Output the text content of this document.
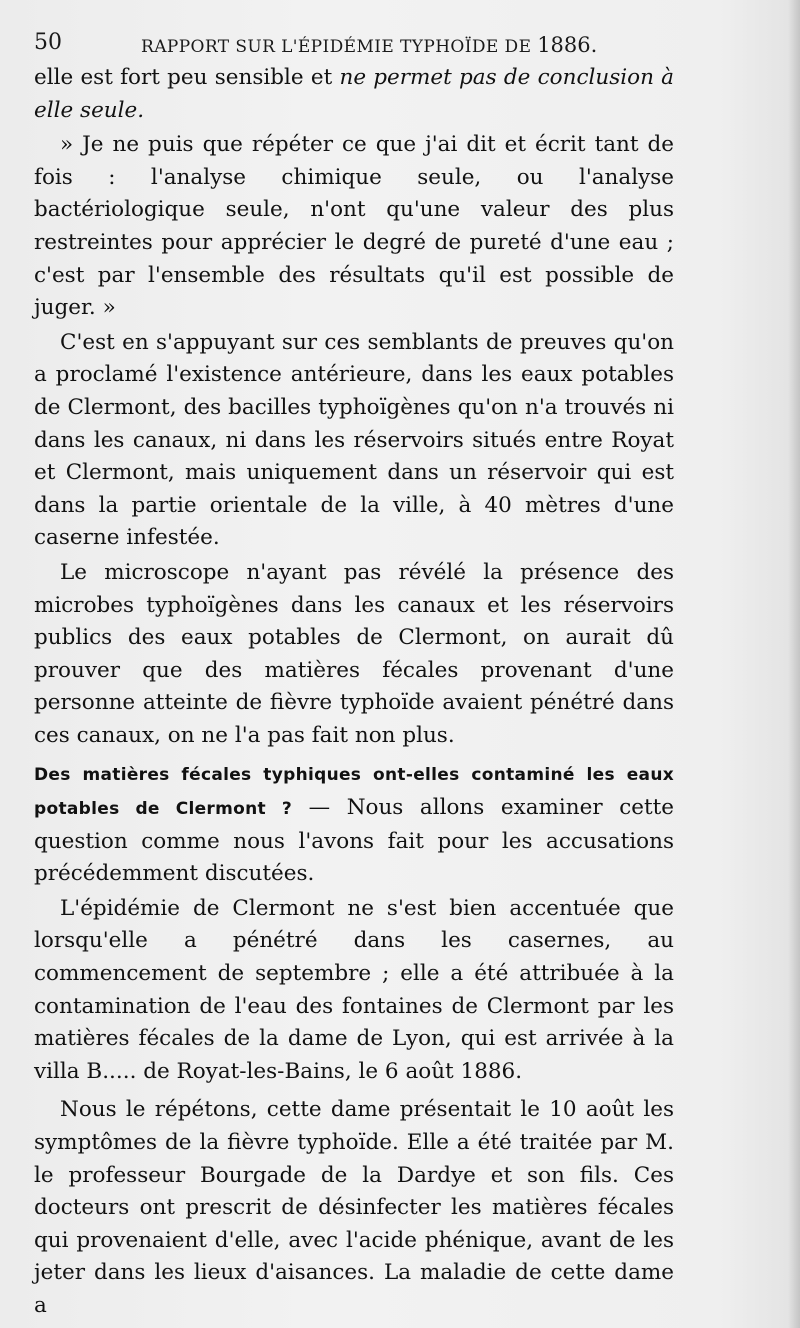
50	RAPPORT SUR L'ÉPIDÉMIE TYPHOÏDE DE 1886.

elle est fort peu sensible et ne permet pas de conclusion à elle seule.

» Je ne puis que répéter ce que j'ai dit et écrit tant de fois : l'analyse chimique seule, ou l'analyse bactériologique seule, n'ont qu'une valeur des plus restreintes pour apprécier le degré de pureté d'une eau ; c'est par l'ensemble des résultats qu'il est possible de juger. »

C'est en s'appuyant sur ces semblants de preuves qu'on a proclamé l'existence antérieure, dans les eaux potables de Clermont, des bacilles typhoïgènes qu'on n'a trouvés ni dans les canaux, ni dans les réservoirs situés entre Royat et Clermont, mais uniquement dans un réservoir qui est dans la partie orientale de la ville, à 40 mètres d'une caserne infestée.

Le microscope n'ayant pas révélé la présence des microbes typhoïgènes dans les canaux et les réservoirs publics des eaux potables de Clermont, on aurait dû prouver que des matières fécales provenant d'une personne atteinte de fièvre typhoïde avaient pénétré dans ces canaux, on ne l'a pas fait non plus.

Des matières fécales typhiques ont-elles contaminé les eaux potables de Clermont ? — Nous allons examiner cette question comme nous l'avons fait pour les accusations précédemment discutées.

L'épidémie de Clermont ne s'est bien accentuée que lorsqu'elle a pénétré dans les casernes, au commencement de septembre ; elle a été attribuée à la contamination de l'eau des fontaines de Clermont par les matières fécales de la dame de Lyon, qui est arrivée à la villa B..... de Royat-les-Bains, le 6 août 1886.

Nous le répétons, cette dame présentait le 10 août les symptômes de la fièvre typhoïde. Elle a été traitée par M. le professeur Bourgade de la Dardye et son fils. Ces docteurs ont prescrit de désinfecter les matières fécales qui provenaient d'elle, avec l'acide phénique, avant de les jeter dans les lieux d'aisances. La maladie de cette dame a
